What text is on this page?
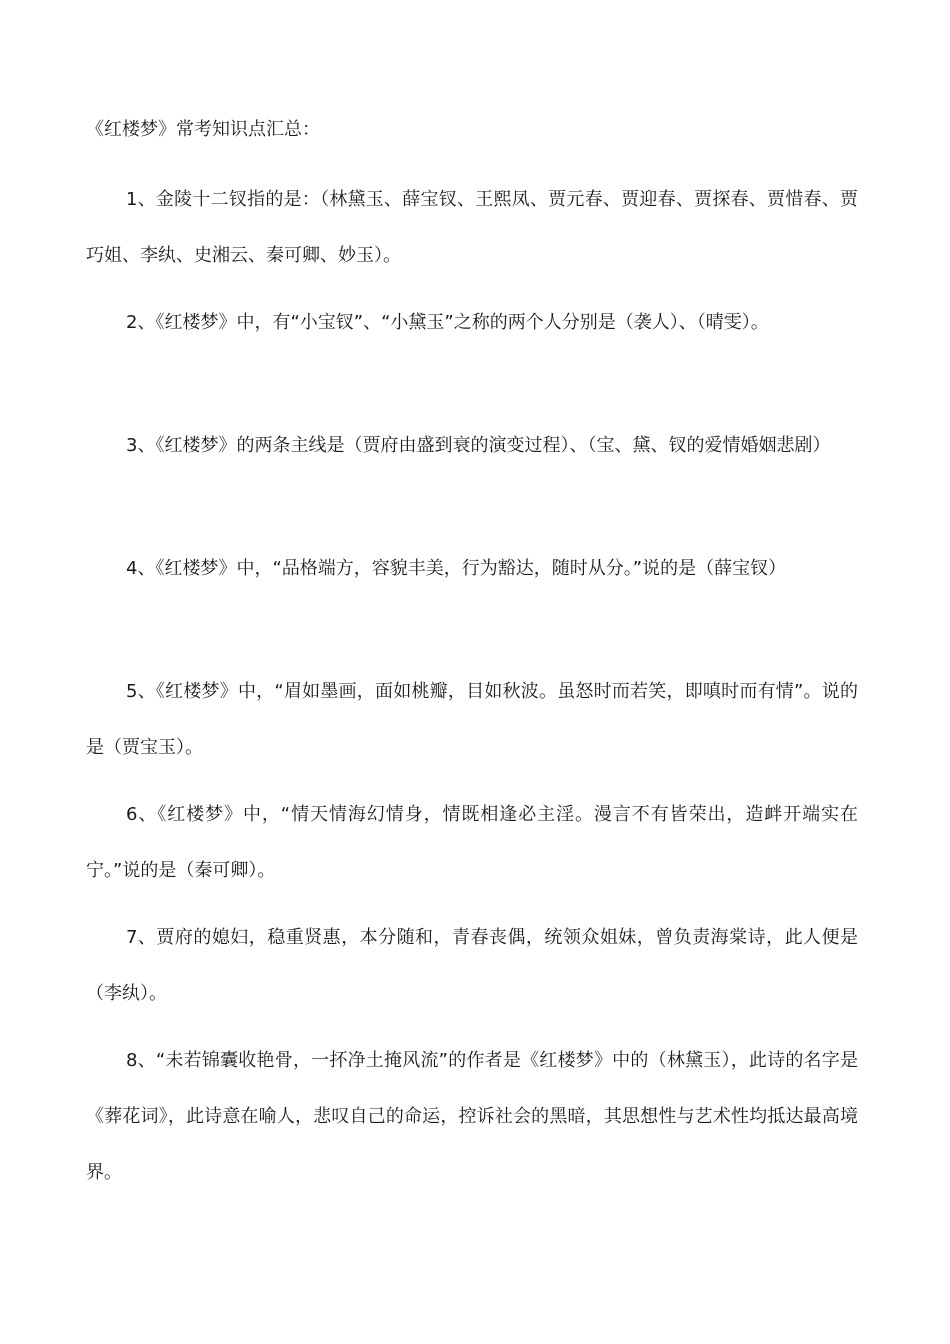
《红楼梦》常考知识点汇总：

1、金陵十二钗指的是：（林黛玉、薛宝钗、王熙凤、贾元春、贾迎春、贾探春、贾惜春、贾巧姐、李纨、史湘云、秦可卿、妙玉）。

2、《红楼梦》中，有“小宝钗”、“小黛玉”之称的两个人分别是（袭人）、（晴雯）。

3、《红楼梦》的两条主线是（贾府由盛到衰的演变过程）、（宝、黛、钗的爱情婚姻悲剧）

4、《红楼梦》中，“品格端方，容貌丰美，行为豁达，随时从分。”说的是（薛宝钗）

5、《红楼梦》中，“眉如墨画，面如桃瓣，目如秋波。虽怒时而若笑，即嗔时而有情”。说的是（贾宝玉）。

6、《红楼梦》中，“情天情海幻情身，情既相逢必主淫。漫言不有皆荣出，造衅开端实在宁。”说的是（秦可卿）。

7、贾府的媳妇，稳重贤惠，本分随和，青春丧偶，统领众姐妹，曾负责海棠诗，此人便是（李纨）。

8、“未若锦囊收艳骨，一抔净土掩风流”的作者是《红楼梦》中的（林黛玉），此诗的名字是《葬花词》，此诗意在喻人，悲叹自己的命运，控诉社会的黑暗，其思想性与艺术性均抵达最高境界。
